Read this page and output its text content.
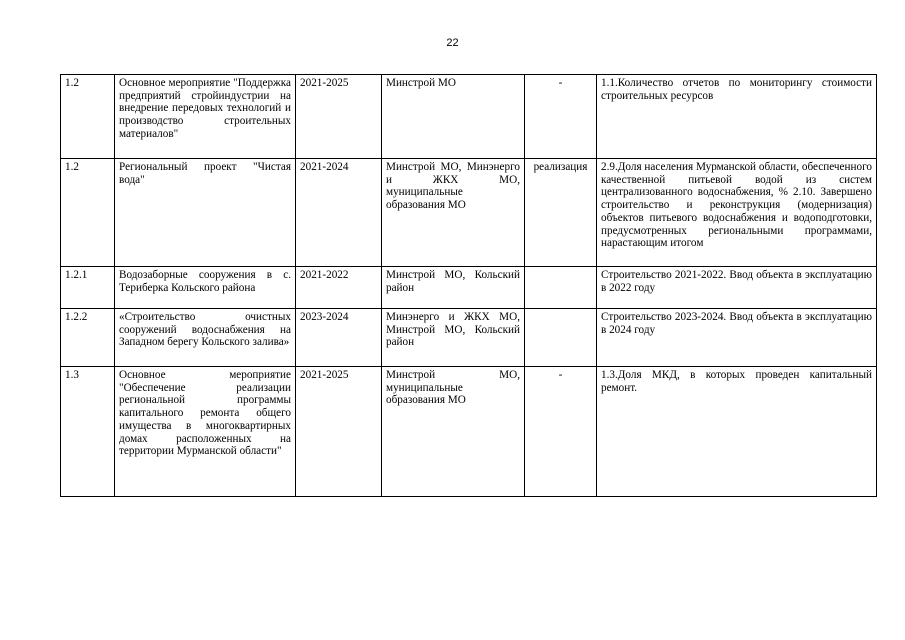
22
1.2	Основное мероприятие "Поддержка предприятий стройиндустрии на внедрение передовых технологий и производство строительных материалов"	2021-2025	Минстрой МО	-	1.1.Количество отчетов по мониторингу стоимости строительных ресурсов
1.2	Региональный проект "Чистая вода"	2021-2024	Минстрой МО, Минэнерго и ЖКХ МО, муниципальные образования МО	реализация	2.9.Доля населения Мурманской области, обеспеченного качественной питьевой водой из систем централизованного водоснабжения, % 2.10. Завершено строительство и реконструкция (модернизация) объектов питьевого водоснабжения и водоподготовки, предусмотренных региональными программами, нарастающим итогом
1.2.1	Водозаборные сооружения в с. Териберка Кольского района	2021-2022	Минстрой МО, Кольский район		Строительство 2021-2022. Ввод объекта в эксплуатацию в 2022 году
1.2.2	«Строительство очистных сооружений водоснабжения на Западном берегу Кольского залива»	2023-2024	Минэнерго и ЖКХ МО, Минстрой МО, Кольский район		Строительство 2023-2024. Ввод объекта в эксплуатацию в 2024 году
1.3	Основное мероприятие "Обеспечение реализации региональной программы капитального ремонта общего имущества в многоквартирных домах расположенных на территории Мурманской области"	2021-2025	Минстрой МО, муниципальные образования МО	-	1.3.Доля МКД, в которых проведен капитальный ремонт.
